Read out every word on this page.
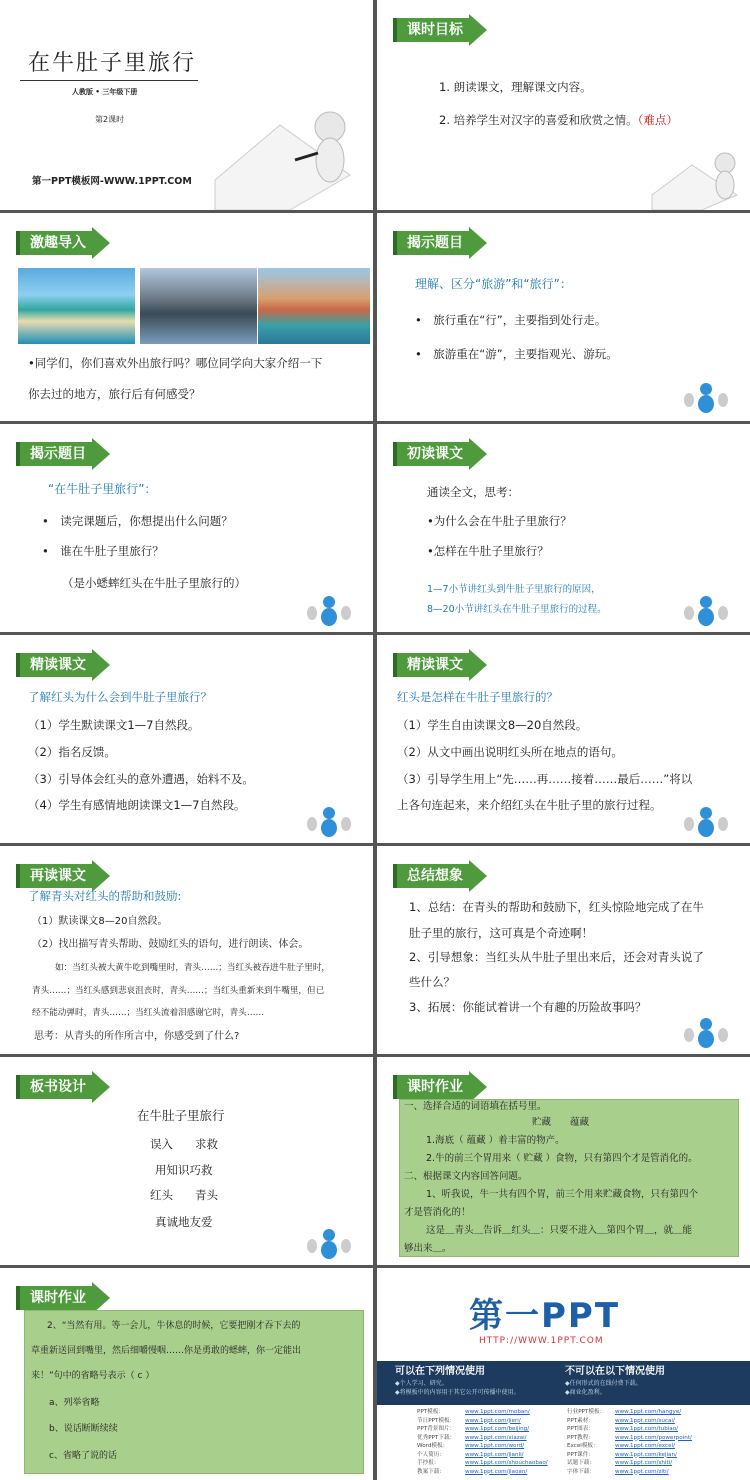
在牛肚子里旅行
人教版 • 三年级下册
第2课时
第一PPT模板网-WWW.1PPT.COM
课时目标
1. 朗读课文，理解课文内容。
2. 培养学生对汉字的喜爱和欣赏之情。（难点）
激趣导入
•同学们，你们喜欢外出旅行吗？哪位同学向大家介绍一下
你去过的地方，旅行后有何感受？
揭示题目
理解、区分“旅游”和“旅行”：
•　旅行重在“行”，主要指到处行走。
•　旅游重在“游”，主要指观光、游玩。
揭示题目
“在牛肚子里旅行”：
•　读完课题后，你想提出什么问题？
•　谁在牛肚子里旅行？
（是小蟋蟀红头在牛肚子里旅行的）
初读课文
通读全文，思考：
•为什么会在牛肚子里旅行？
•怎样在牛肚子里旅行？
1—7小节讲红头到牛肚子里旅行的原因，
8—20小节讲红头在牛肚子里旅行的过程。
精读课文
了解红头为什么会到牛肚子里旅行？
（1）学生默读课文1—7自然段。
（2）指名反馈。
（3）引导体会红头的意外遭遇，始料不及。
（4）学生有感情地朗读课文1—7自然段。
精读课文
红头是怎样在牛肚子里旅行的？
（1）学生自由读课文8—20自然段。
（2）从文中画出说明红头所在地点的语句。
（3）引导学生用上“先……再……接着……最后……”将以
上各句连起来，来介绍红头在牛肚子里的旅行过程。
再读课文
了解青头对红头的帮助和鼓励:
（1）默读课文8—20自然段。
（2）找出描写青头帮助、鼓励红头的语句，进行朗读、体会。
如：当红头被大黄牛吃到嘴里时，青头……；当红头被吞进牛肚子里时，
青头……；当红头感到悲哀沮丧时，青头……；当红头重新来到牛嘴里，但已
经不能动弹时，青头……；当红头流着泪感谢它时，青头……
思考：从青头的所作所言中，你感受到了什么?
总结想象
1、总结：在青头的帮助和鼓励下，红头惊险地完成了在牛
肚子里的旅行，这可真是个奇迹啊！
2、引导想象：当红头从牛肚子里出来后，还会对青头说了
些什么？
3、拓展：你能试着讲一个有趣的历险故事吗？
板书设计
在牛肚子里旅行
误入 求救
用知识巧救
红头 青头
真诚地友爱
课时作业
一、选择合适的词语填在括号里。
贮藏　　蕴藏
1.海底（ 蕴藏 ）着丰富的物产。
2.牛的前三个胃用来（ 贮藏 ）食物，只有第四个才是管消化的。
二、根据课文内容回答问题。
1、听我说，牛一共有四个胃，前三个用来贮藏食物，只有第四个
才是管消化的！
这是＿青头＿告诉＿红头＿：只要不进入＿第四个胃＿，就＿能
够出来＿。
课时作业
2、“当然有用。等一会儿，牛休息的时候，它要把刚才吞下去的
草重新送回到嘴里，然后细嚼慢咽……你是勇敢的蟋蟀，你一定能出
来！”句中的省略号表示（ c ）
a、列举省略
b、说话断断续续
c、省略了说的话
第一PPT
HTTP://WWW.1PPT.COM
可以在下列情况使用
◆个人学习、研究。
◆将模板中的内容用于其它公开可传播中使用。
不可以在以下情况使用
◆任何形式的在线付费下载。
◆商业化盈利。
PPT模板：	www.1ppt.com/moban/
节日PPT模板： www.1ppt.com/jieri/
PPT背景图片： www.1ppt.com/beijing/
优秀PPT下载： www.1ppt.com/xiazai/
Word模板：	www.1ppt.com/word/
个人简历：	www.1ppt.com/jianli/
手抄报：	www.1ppt.com/shouchaobao/
教案下载：	www.1ppt.com/jiaoan/
行业PPT模板： www.1ppt.com/hangye/
PPT素材：	www.1ppt.com/sucai/
PPT图表：	www.1ppt.com/tubiao/
PPT教程：	www.1ppt.com/powerpoint/
Excel模板：	www.1ppt.com/excel/
PPT课件：	www.1ppt.com/kejian/
试题下载：	www.1ppt.com/shiti/
字体下载：	www.1ppt.com/ziti/
